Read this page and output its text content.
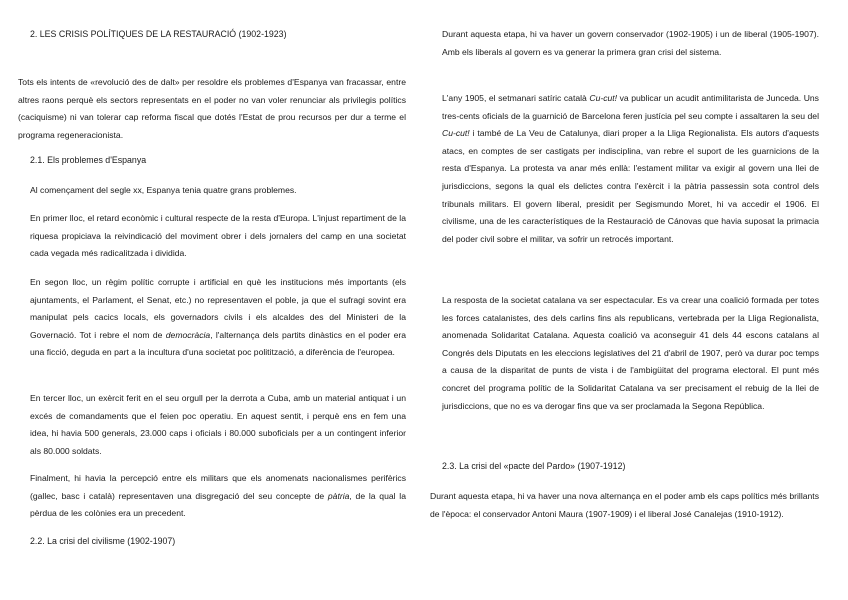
2. LES CRISIS POLÍTIQUES DE LA RESTAURACIÓ (1902-1923)

Tots els intents de «revolució des de dalt» per resoldre els problemes d'Espanya van fracassar, entre altres raons perquè els sectors representats en el poder no van voler renunciar als privilegis polítics (caciquisme) ni van tolerar cap reforma fiscal que dotés l'Estat de prou recursos per dur a terme el programa regeneracionista.

2.1. Els problemes d'Espanya

Al començament del segle xx, Espanya tenia quatre grans problemes.

En primer lloc, el retard econòmic i cultural respecte de la resta d'Europa. L'injust repartiment de la riquesa propiciava la reivindicació del moviment obrer i dels jornalers del camp en una societat cada vegada més radicalitzada i dividida.

En segon lloc, un règim polític corrupte i artificial en què les institucions més importants (els ajuntaments, el Parlament, el Senat, etc.) no representaven el poble, ja que el sufragi sovint era manipulat pels cacics locals, els governadors civils i els alcaldes des del Ministeri de la Governació. Tot i rebre el nom de democràcia, l'alternança dels partits dinàstics en el poder era una ficció, deguda en part a la incultura d'una societat poc politització, a diferència de l'europea.

En tercer lloc, un exèrcit ferit en el seu orgull per la derrota a Cuba, amb un material antiquat i un excés de comandaments que el feien poc operatiu. En aquest sentit, i perquè ens en fem una idea, hi havia 500 generals, 23.000 caps i oficials i 80.000 suboficials per a un contingent inferior als 80.000 soldats.

Finalment, hi havia la percepció entre els militars que els anomenats nacionalismes perifèrics (gallec, basc i català) representaven una disgregació del seu concepte de pàtria, de la qual la pèrdua de les colònies era un precedent.

2.2. La crisi del civilisme (1902-1907)

Durant aquesta etapa, hi va haver un govern conservador (1902-1905) i un de liberal (1905-1907). Amb els liberals al govern es va generar la primera gran crisi del sistema.

L'any 1905, el setmanari satíric català Cu-cut! va publicar un acudit antimilitarista de Junceda. Uns tres-cents oficials de la guarnició de Barcelona feren justícia pel seu compte i assaltaren la seu del Cu-cut! i també de La Veu de Catalunya, diari proper a la Lliga Regionalista. Els autors d'aquests atacs, en comptes de ser castigats per indisciplina, van rebre el suport de les guarnicions de la resta d'Espanya. La protesta va anar més enllà: l'estament militar va exigir al govern una llei de jurisdiccions, segons la qual els delictes contra l'exèrcit i la pàtria passessin sota control dels tribunals militars. El govern liberal, presidit per Segismundo Moret, hi va accedir el 1906. El civilisme, una de les característiques de la Restauració de Cánovas que havia suposat la primacia del poder civil sobre el militar, va sofrir un retrocés important.

La resposta de la societat catalana va ser espectacular. Es va crear una coalició formada per totes les forces catalanistes, des dels carlins fins als republicans, vertebrada per la Lliga Regionalista, anomenada Solidaritat Catalana. Aquesta coalició va aconseguir 41 dels 44 escons catalans al Congrés dels Diputats en les eleccions legislatives del 21 d'abril de 1907, però va durar poc temps a causa de la disparitat de punts de vista i de l'ambigüitat del programa electoral. El punt més concret del programa polític de la Solidaritat Catalana va ser precisament el rebuig de la llei de jurisdiccions, que no es va derogar fins que va ser proclamada la Segona República.

2.3. La crisi del «pacte del Pardo» (1907-1912)

Durant aquesta etapa, hi va haver una nova alternança en el poder amb els caps polítics més brillants de l'època: el conservador Antoni Maura (1907-1909) i el liberal José Canalejas (1910-1912).
